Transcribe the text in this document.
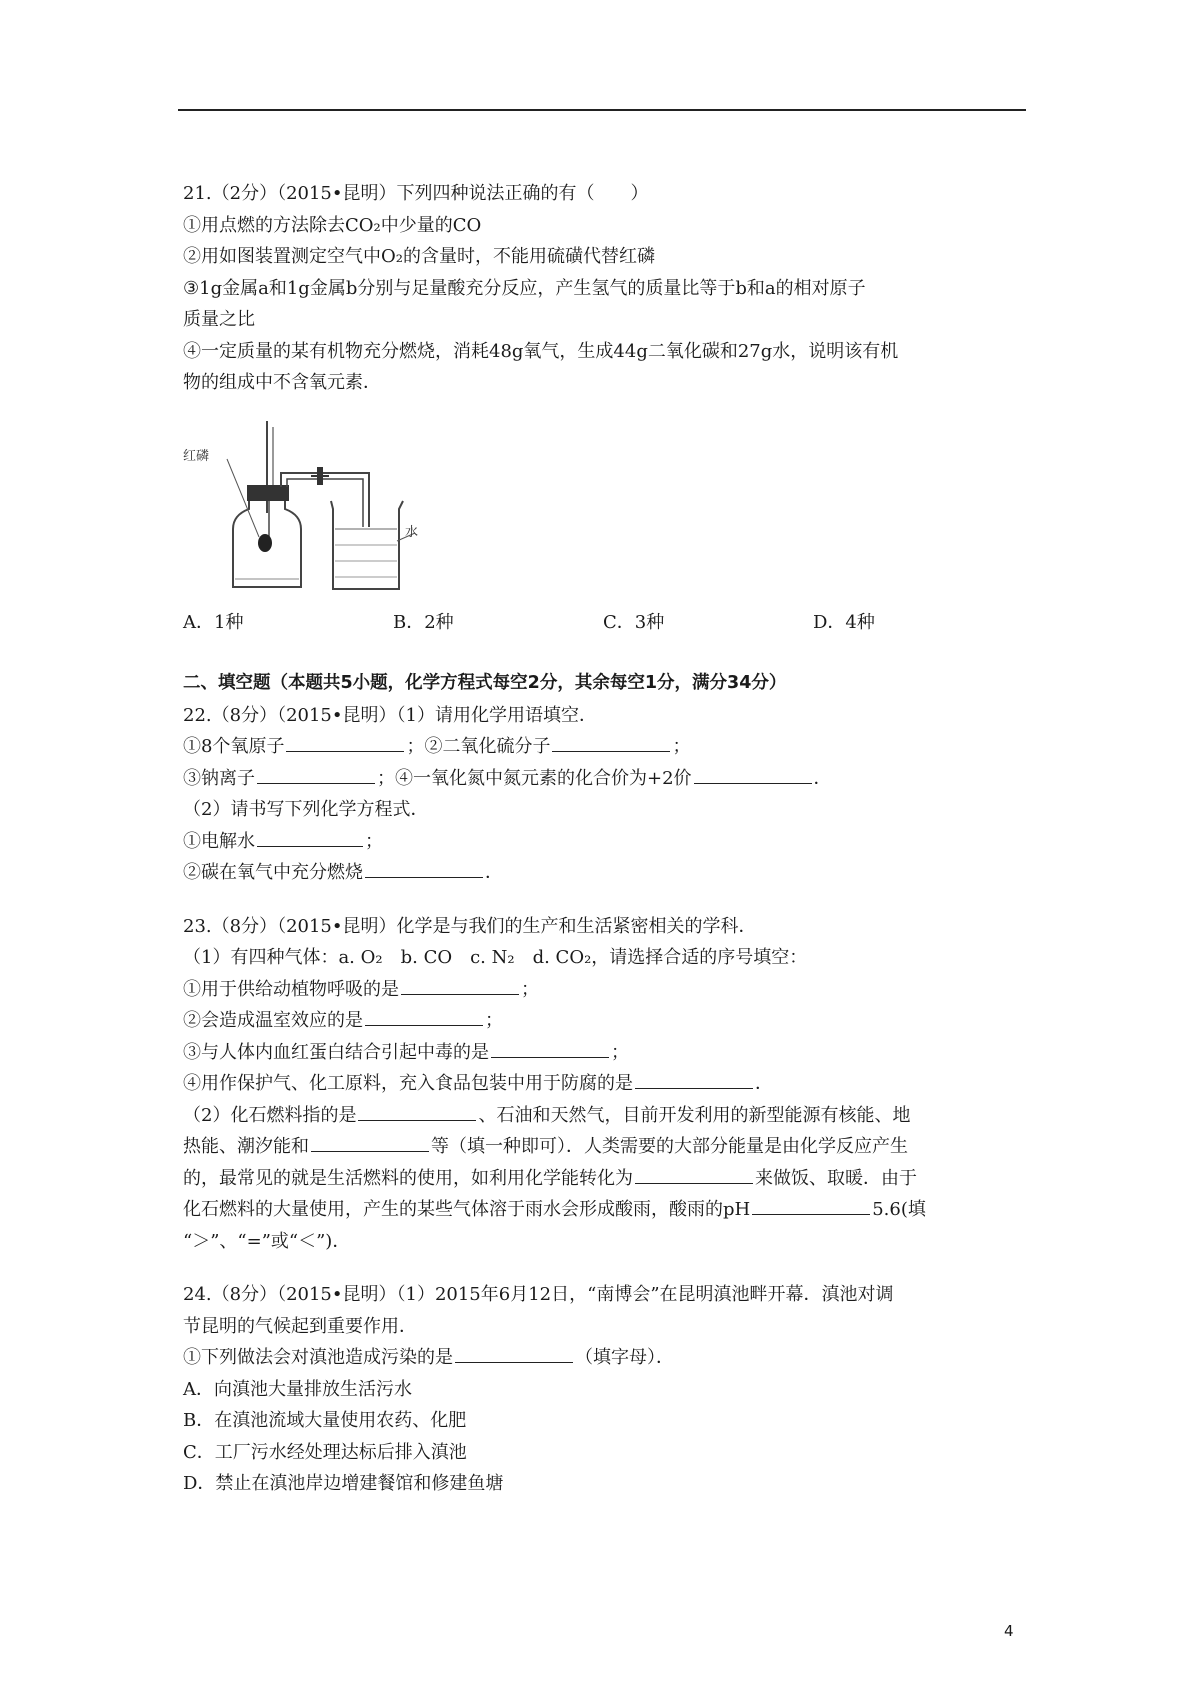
21.（2分）（2015•昆明）下列四种说法正确的有（　　）
①用点燃的方法除去CO₂中少量的CO
②用如图装置测定空气中O₂的含量时，不能用硫磺代替红磷
③1g金属a和1g金属b分别与足量酸充分反应，产生氢气的质量比等于b和a的相对原子
质量之比
④一定质量的某有机物充分燃烧，消耗48g氧气，生成44g二氧化碳和27g水，说明该有机
物的组成中不含氧元素．
红磷
水
A．1种	B．2种	C．3种	D．4种
二、填空题（本题共5小题，化学方程式每空2分，其余每空1分，满分34分）
22.（8分）（2015•昆明）（1）请用化学用语填空．
①8个氧原子	；②二氧化硫分子	；
③钠离子	；④一氧化氮中氮元素的化合价为+2价	．
（2）请书写下列化学方程式．
①电解水	；
②碳在氧气中充分燃烧	．
23.（8分）（2015•昆明）化学是与我们的生产和生活紧密相关的学科．
（1）有四种气体：a. O₂　b. CO　c. N₂　d. CO₂，请选择合适的序号填空：
①用于供给动植物呼吸的是	；
②会造成温室效应的是	；
③与人体内血红蛋白结合引起中毒的是	；
④用作保护气、化工原料，充入食品包装中用于防腐的是	．
（2）化石燃料指的是	、石油和天然气，目前开发利用的新型能源有核能、地
热能、潮汐能和	等（填一种即可）．人类需要的大部分能量是由化学反应产生
的，最常见的就是生活燃料的使用，如利用化学能转化为	来做饭、取暖．由于
化石燃料的大量使用，产生的某些气体溶于雨水会形成酸雨，酸雨的pH	5.6(填
“＞”、“=”或“＜”)．
24.（8分）（2015•昆明）（1）2015年6月12日，“南博会”在昆明滇池畔开幕．滇池对调
节昆明的气候起到重要作用．
①下列做法会对滇池造成污染的是	（填字母）．
A．向滇池大量排放生活污水
B．在滇池流域大量使用农药、化肥
C．工厂污水经处理达标后排入滇池
D．禁止在滇池岸边增建餐馆和修建鱼塘
4
